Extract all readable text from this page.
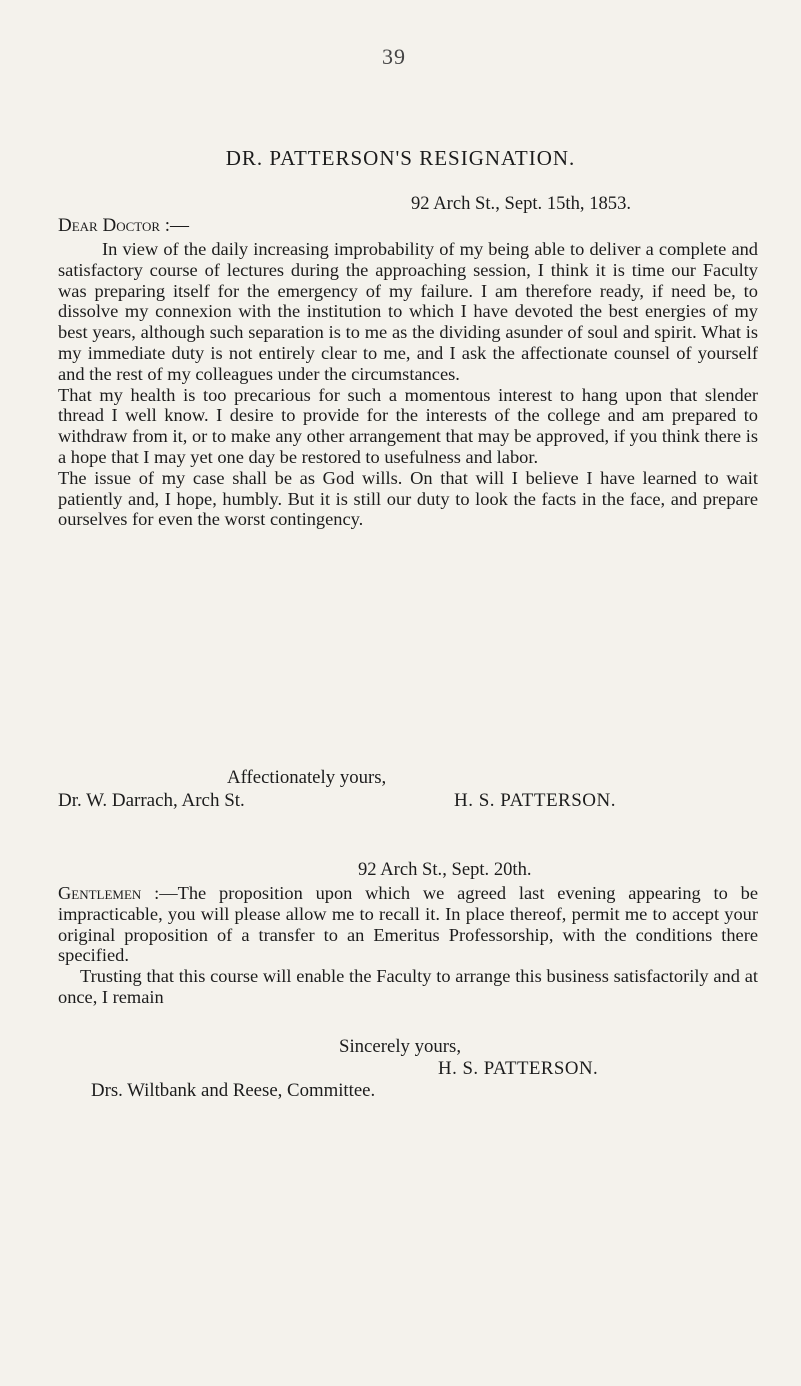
39
DR. PATTERSON'S RESIGNATION.
92 Arch St., Sept. 15th, 1853.
Dear Doctor :—

In view of the daily increasing improbability of my being able to deliver a complete and satisfactory course of lectures during the approaching session, I think it is time our Faculty was preparing itself for the emergency of my failure. I am therefore ready, if need be, to dissolve my connexion with the institution to which I have devoted the best energies of my best years, although such separation is to me as the dividing asunder of soul and spirit. What is my immediate duty is not entirely clear to me, and I ask the affectionate counsel of yourself and the rest of my colleagues under the circumstances.

That my health is too precarious for such a momentous interest to hang upon that slender thread I well know. I desire to provide for the interests of the college and am prepared to withdraw from it, or to make any other arrangement that may be approved, if you think there is a hope that I may yet one day be restored to usefulness and labor.

The issue of my case shall be as God wills. On that will I believe I have learned to wait patiently and, I hope, humbly. But it is still our duty to look the facts in the face, and prepare ourselves for even the worst contingency.

Affectionately yours,
Dr. W. Darrach, Arch St.	H. S. PATTERSON.
92 Arch St., Sept. 20th.

Gentlemen :—The proposition upon which we agreed last evening appearing to be impracticable, you will please allow me to recall it. In place thereof, permit me to accept your original proposition of a transfer to an Emeritus Professorship, with the conditions there specified.

Trusting that this course will enable the Faculty to arrange this business satisfactorily and at once, I remain

Sincerely yours,
H. S. PATTERSON.
Drs. Wiltbank and Reese, Committee.
